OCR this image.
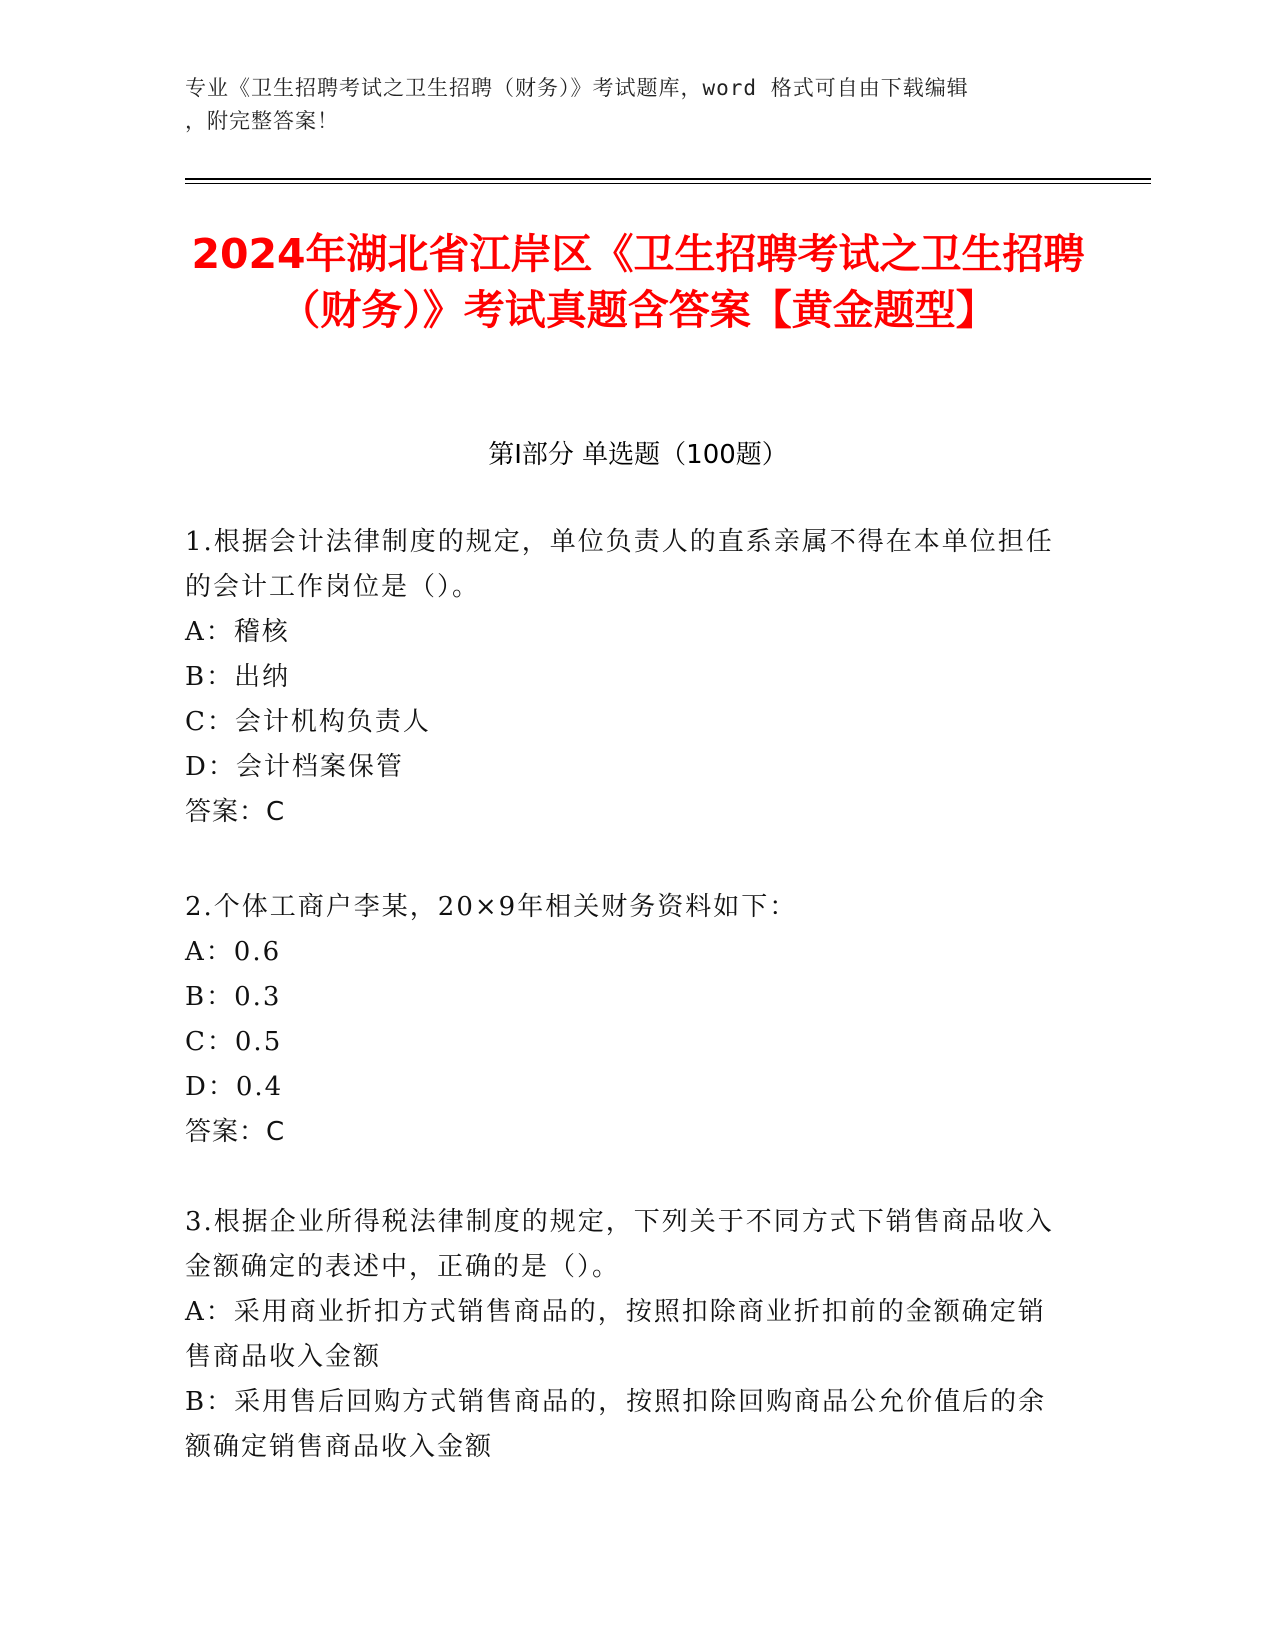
专业《卫生招聘考试之卫生招聘（财务）》考试题库，word 格式可自由下载编辑
，附完整答案！
2024年湖北省江岸区《卫生招聘考试之卫生招聘（财务）》考试真题含答案【黄金题型】
第Ⅰ部分 单选题（100题）
1.根据会计法律制度的规定，单位负责人的直系亲属不得在本单位担任的会计工作岗位是（）。
A：稽核
B：出纳
C：会计机构负责人
D：会计档案保管
答案：C
2.个体工商户李某，20×9年相关财务资料如下：
A：0.6
B：0.3
C：0.5
D：0.4
答案：C
3.根据企业所得税法律制度的规定，下列关于不同方式下销售商品收入金额确定的表述中，正确的是（）。
A：采用商业折扣方式销售商品的，按照扣除商业折扣前的金额确定销售商品收入金额
B：采用售后回购方式销售商品的，按照扣除回购商品公允价值后的余额确定销售商品收入金额
